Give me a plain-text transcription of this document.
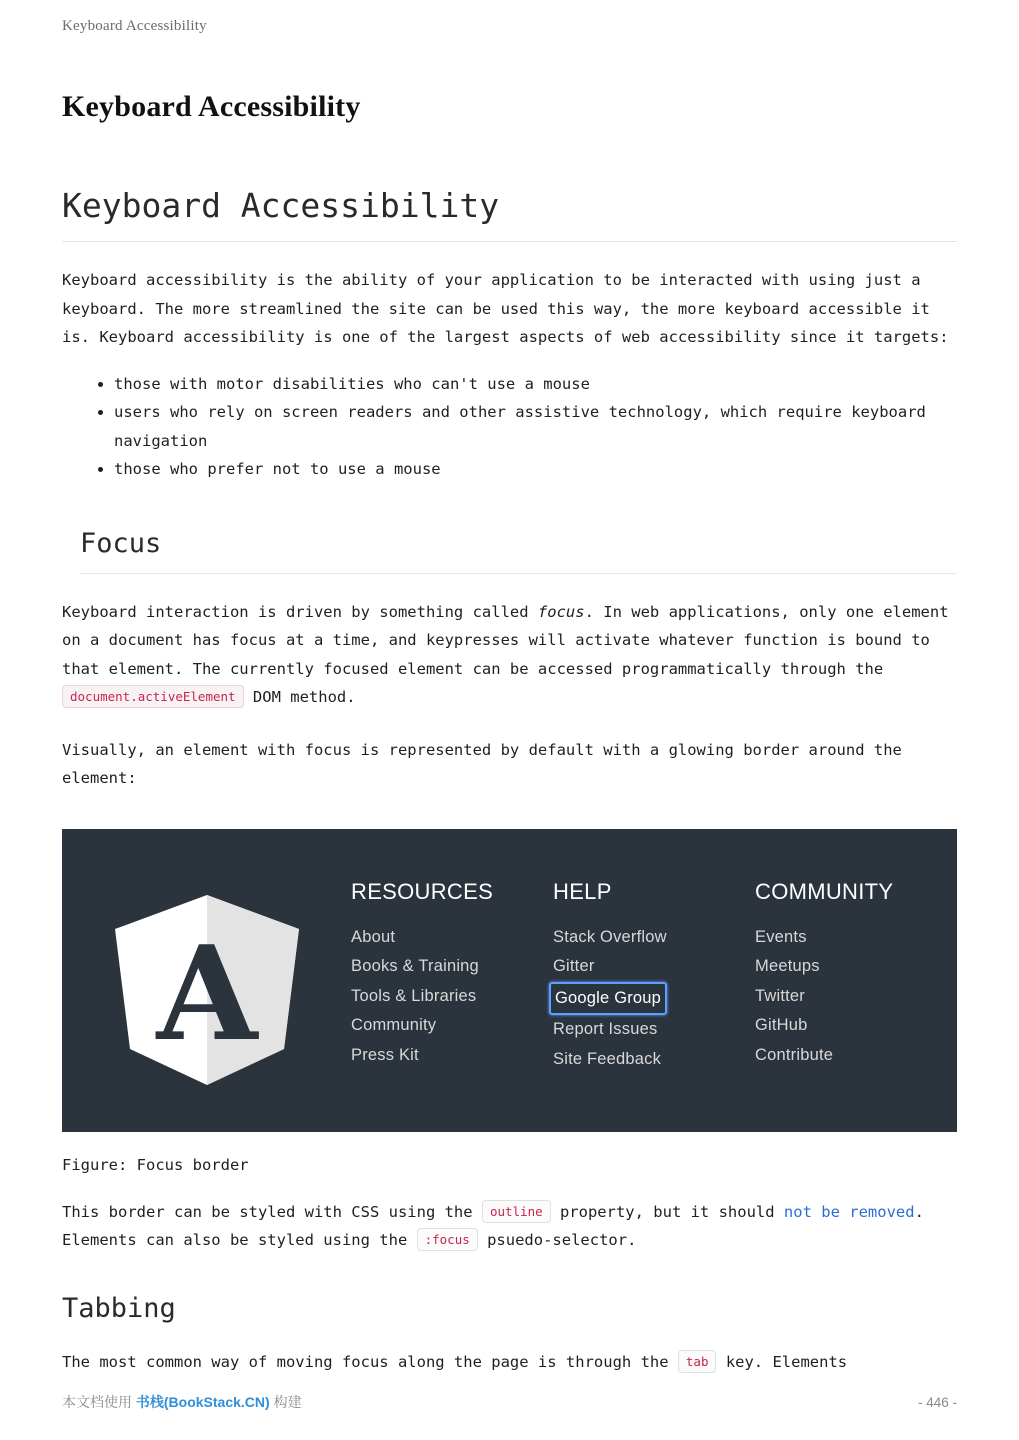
Keyboard Accessibility
Keyboard Accessibility
Keyboard Accessibility

Keyboard accessibility is the ability of your application to be interacted with using just a keyboard. The more streamlined the site can be used this way, the more keyboard accessible it is. Keyboard accessibility is one of the largest aspects of web accessibility since it targets:

• those with motor disabilities who can't use a mouse
• users who rely on screen readers and other assistive technology, which require keyboard navigation
• those who prefer not to use a mouse
Focus

Keyboard interaction is driven by something called focus. In web applications, only one element on a document has focus at a time, and keypresses will activate whatever function is bound to that element. The currently focused element can be accessed programmatically through the document.activeElement DOM method.

Visually, an element with focus is represented by default with a glowing border around the element:

A
RESOURCES
About
Books & Training
Tools & Libraries
Community
Press Kit
HELP
Stack Overflow
Gitter
Google Group
Report Issues
Site Feedback
COMMUNITY
Events
Meetups
Twitter
GitHub
Contribute
Figure: Focus border

This border can be styled with CSS using the outline property, but it should not be removed. Elements can also be styled using the :focus psuedo-selector.

Tabbing

The most common way of moving focus along the page is through the tab key. Elements

本文档使用 书栈(BookStack.CN) 构建	- 446 -
